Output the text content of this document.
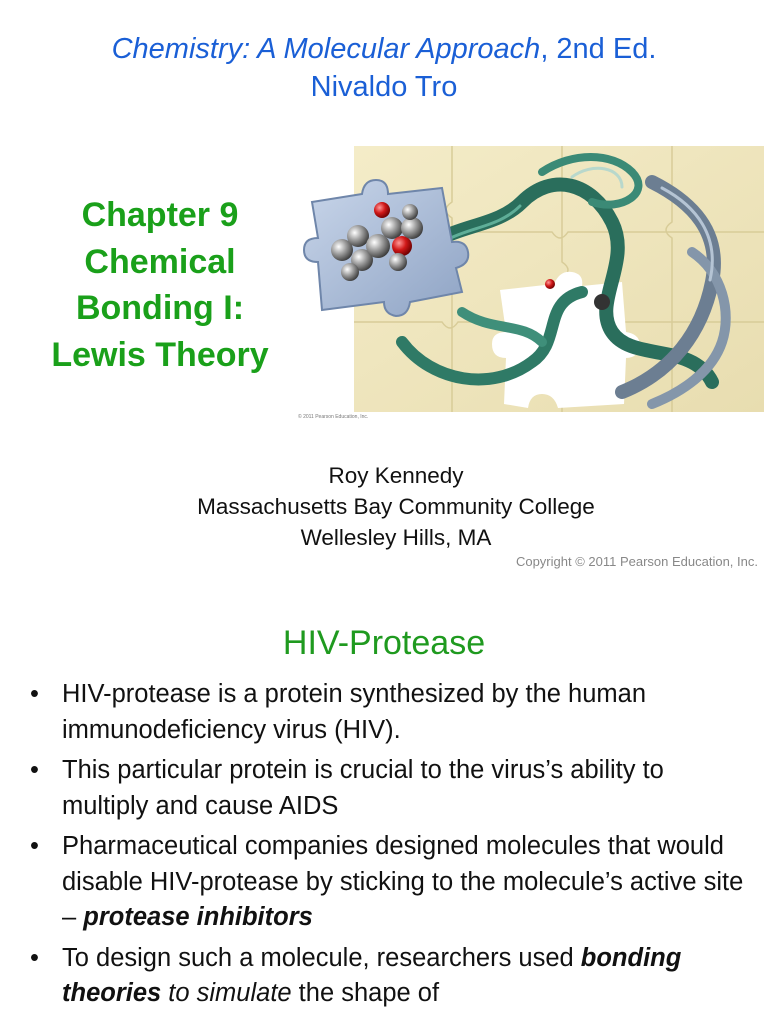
Chemistry: A Molecular Approach, 2nd Ed.
Nivaldo Tro
Chapter 9
Chemical
Bonding I:
Lewis Theory
© 2011 Pearson Education, Inc.
Roy Kennedy
Massachusetts Bay Community College
Wellesley Hills, MA
Copyright © 2011 Pearson Education, Inc.
HIV-Protease
• HIV-protease is a protein synthesized by the human immunodeficiency virus (HIV).
• This particular protein is crucial to the virus’s ability to multiply and cause AIDS
• Pharmaceutical companies designed molecules that would disable HIV-protease by sticking to the molecule’s active site – protease inhibitors
• To design such a molecule, researchers used bonding theories to simulate the shape of
